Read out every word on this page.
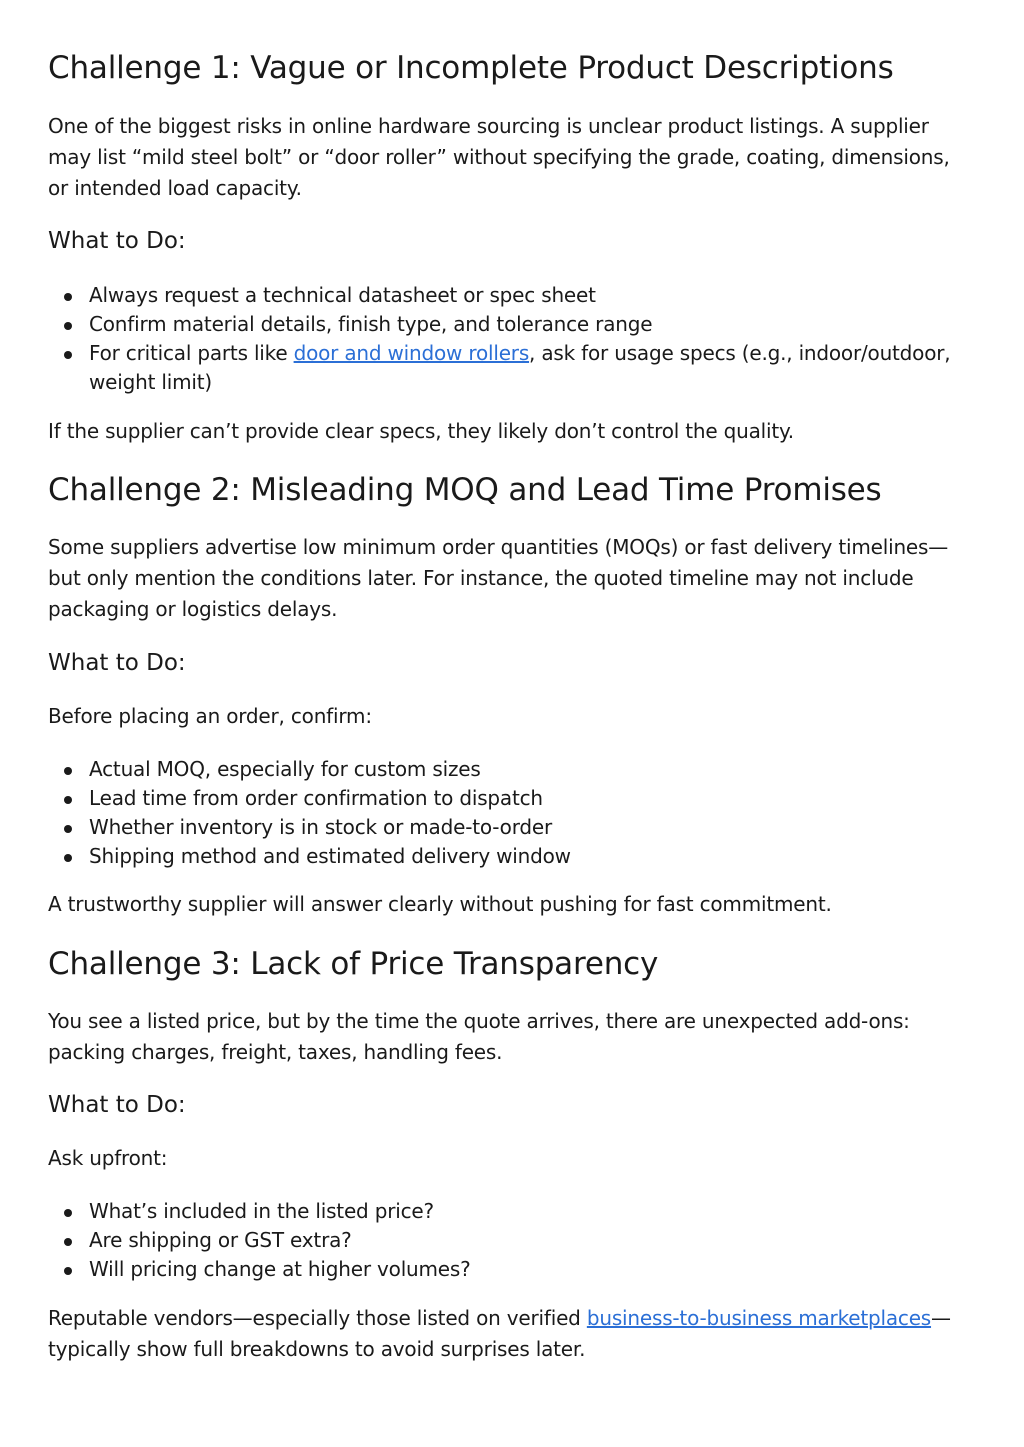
Challenge 1: Vague or Incomplete Product Descriptions

One of the biggest risks in online hardware sourcing is unclear product listings. A supplier may list “mild steel bolt” or “door roller” without specifying the grade, coating, dimensions, or intended load capacity.

What to Do:
Always request a technical datasheet or spec sheet
Confirm material details, finish type, and tolerance range
For critical parts like door and window rollers, ask for usage specs (e.g., indoor/outdoor, weight limit)

If the supplier can’t provide clear specs, they likely don’t control the quality.

Challenge 2: Misleading MOQ and Lead Time Promises

Some suppliers advertise low minimum order quantities (MOQs) or fast delivery timelines—but only mention the conditions later. For instance, the quoted timeline may not include packaging or logistics delays.

What to Do:

Before placing an order, confirm:

Actual MOQ, especially for custom sizes
Lead time from order confirmation to dispatch
Whether inventory is in stock or made-to-order
Shipping method and estimated delivery window

A trustworthy supplier will answer clearly without pushing for fast commitment.

Challenge 3: Lack of Price Transparency

You see a listed price, but by the time the quote arrives, there are unexpected add-ons: packing charges, freight, taxes, handling fees.

What to Do:

Ask upfront:

What’s included in the listed price?
Are shipping or GST extra?
Will pricing change at higher volumes?

Reputable vendors—especially those listed on verified business-to-business marketplaces—typically show full breakdowns to avoid surprises later.
